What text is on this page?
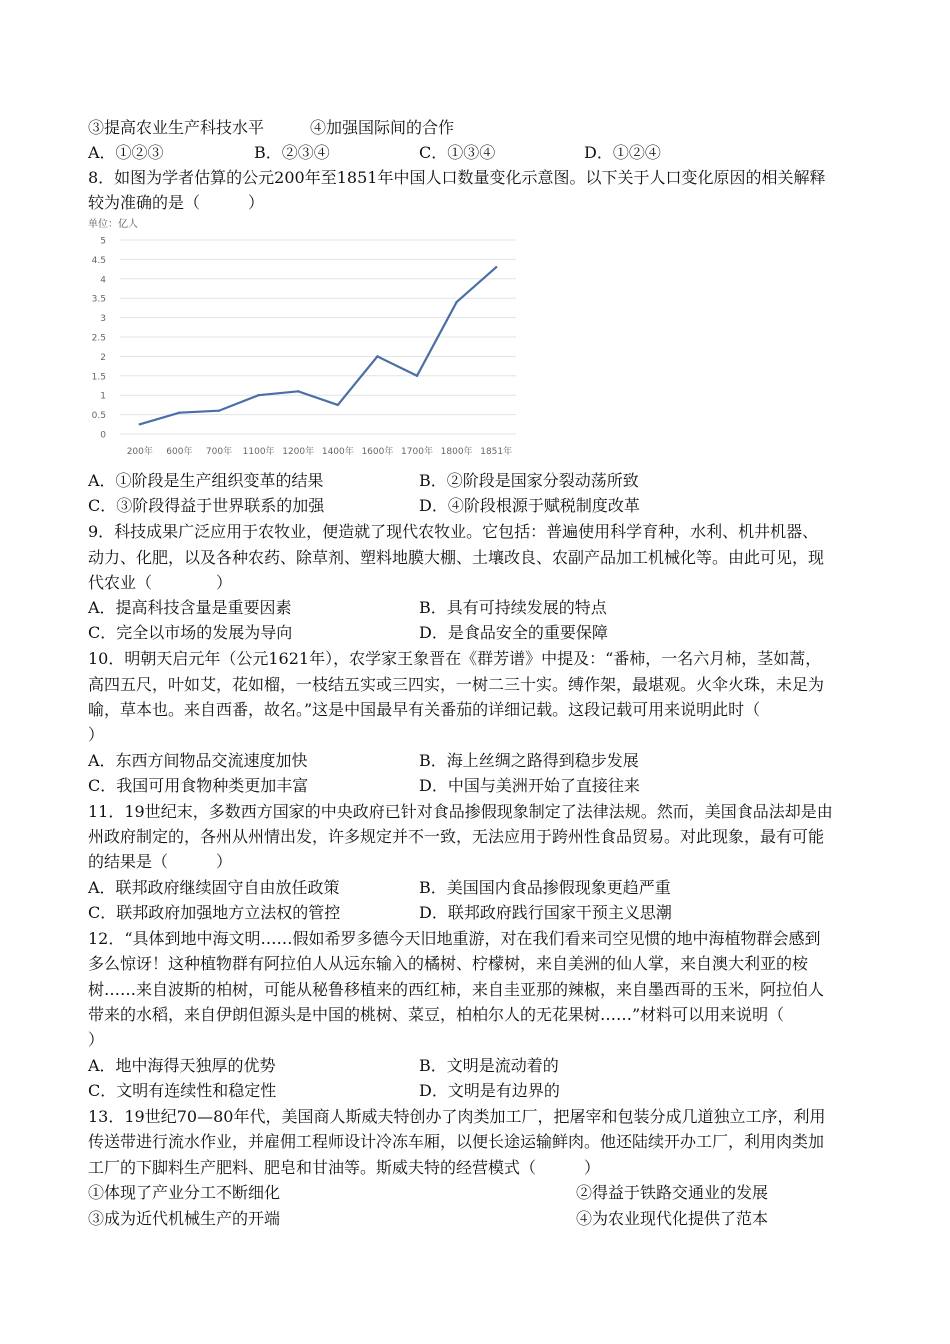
③提高农业生产科技水平	④加强国际间的合作
A．①②③	B．②③④	C．①③④	D．①②④
8．如图为学者估算的公元200年至1851年中国人口数量变化示意图。以下关于人口变化原因的相关解释
较为准确的是（　　　）
单位：亿人
0
0.5
1
1.5
2
2.5
3
3.5
4
4.5
5
200年 600年 700年 1100年 1200年 1400年 1600年 1700年 1800年 1851年
A．①阶段是生产组织变革的结果	B．②阶段是国家分裂动荡所致
C．③阶段得益于世界联系的加强	D．④阶段根源于赋税制度改革
9．科技成果广泛应用于农牧业，便造就了现代农牧业。它包括：普遍使用科学育种，水利、机井机器、
动力、化肥，以及各种农药、除草剂、塑料地膜大棚、土壤改良、农副产品加工机械化等。由此可见，现
代农业（　　　　）
A．提高科技含量是重要因素	B．具有可持续发展的特点
C．完全以市场的发展为导向	D．是食品安全的重要保障
10．明朝天启元年（公元1621年），农学家王象晋在《群芳谱》中提及：“番柿，一名六月柿，茎如蒿，
高四五尺，叶如艾，花如榴，一枝结五实或三四实，一树二三十实。缚作架，最堪观。火伞火珠，未足为
喻，草本也。来自西番，故名。”这是中国最早有关番茄的详细记载。这段记载可用来说明此时（
）
A．东西方间物品交流速度加快	B．海上丝绸之路得到稳步发展
C．我国可用食物种类更加丰富	D．中国与美洲开始了直接往来
11．19世纪末，多数西方国家的中央政府已针对食品掺假现象制定了法律法规。然而，美国食品法却是由
州政府制定的，各州从州情出发，许多规定并不一致，无法应用于跨州性食品贸易。对此现象，最有可能
的结果是（　　　）
A．联邦政府继续固守自由放任政策	B．美国国内食品掺假现象更趋严重
C．联邦政府加强地方立法权的管控	D．联邦政府践行国家干预主义思潮
12．“具体到地中海文明……假如希罗多德今天旧地重游，对在我们看来司空见惯的地中海植物群会感到
多么惊讶！这种植物群有阿拉伯人从远东输入的橘树、柠檬树，来自美洲的仙人掌，来自澳大利亚的桉
树……来自波斯的柏树，可能从秘鲁移植来的西红柿，来自圭亚那的辣椒，来自墨西哥的玉米，阿拉伯人
带来的水稻，来自伊朗但源头是中国的桃树、菜豆，柏柏尔人的无花果树……”材料可以用来说明（
）
A．地中海得天独厚的优势	B．文明是流动着的
C．文明有连续性和稳定性	D．文明是有边界的
13．19世纪70—80年代，美国商人斯威夫特创办了肉类加工厂，把屠宰和包装分成几道独立工序，利用
传送带进行流水作业，并雇佣工程师设计冷冻车厢，以便长途运输鲜肉。他还陆续开办工厂，利用肉类加
工厂的下脚料生产肥料、肥皂和甘油等。斯威夫特的经营模式（　　　）
①体现了产业分工不断细化	②得益于铁路交通业的发展
③成为近代机械生产的开端	④为农业现代化提供了范本
